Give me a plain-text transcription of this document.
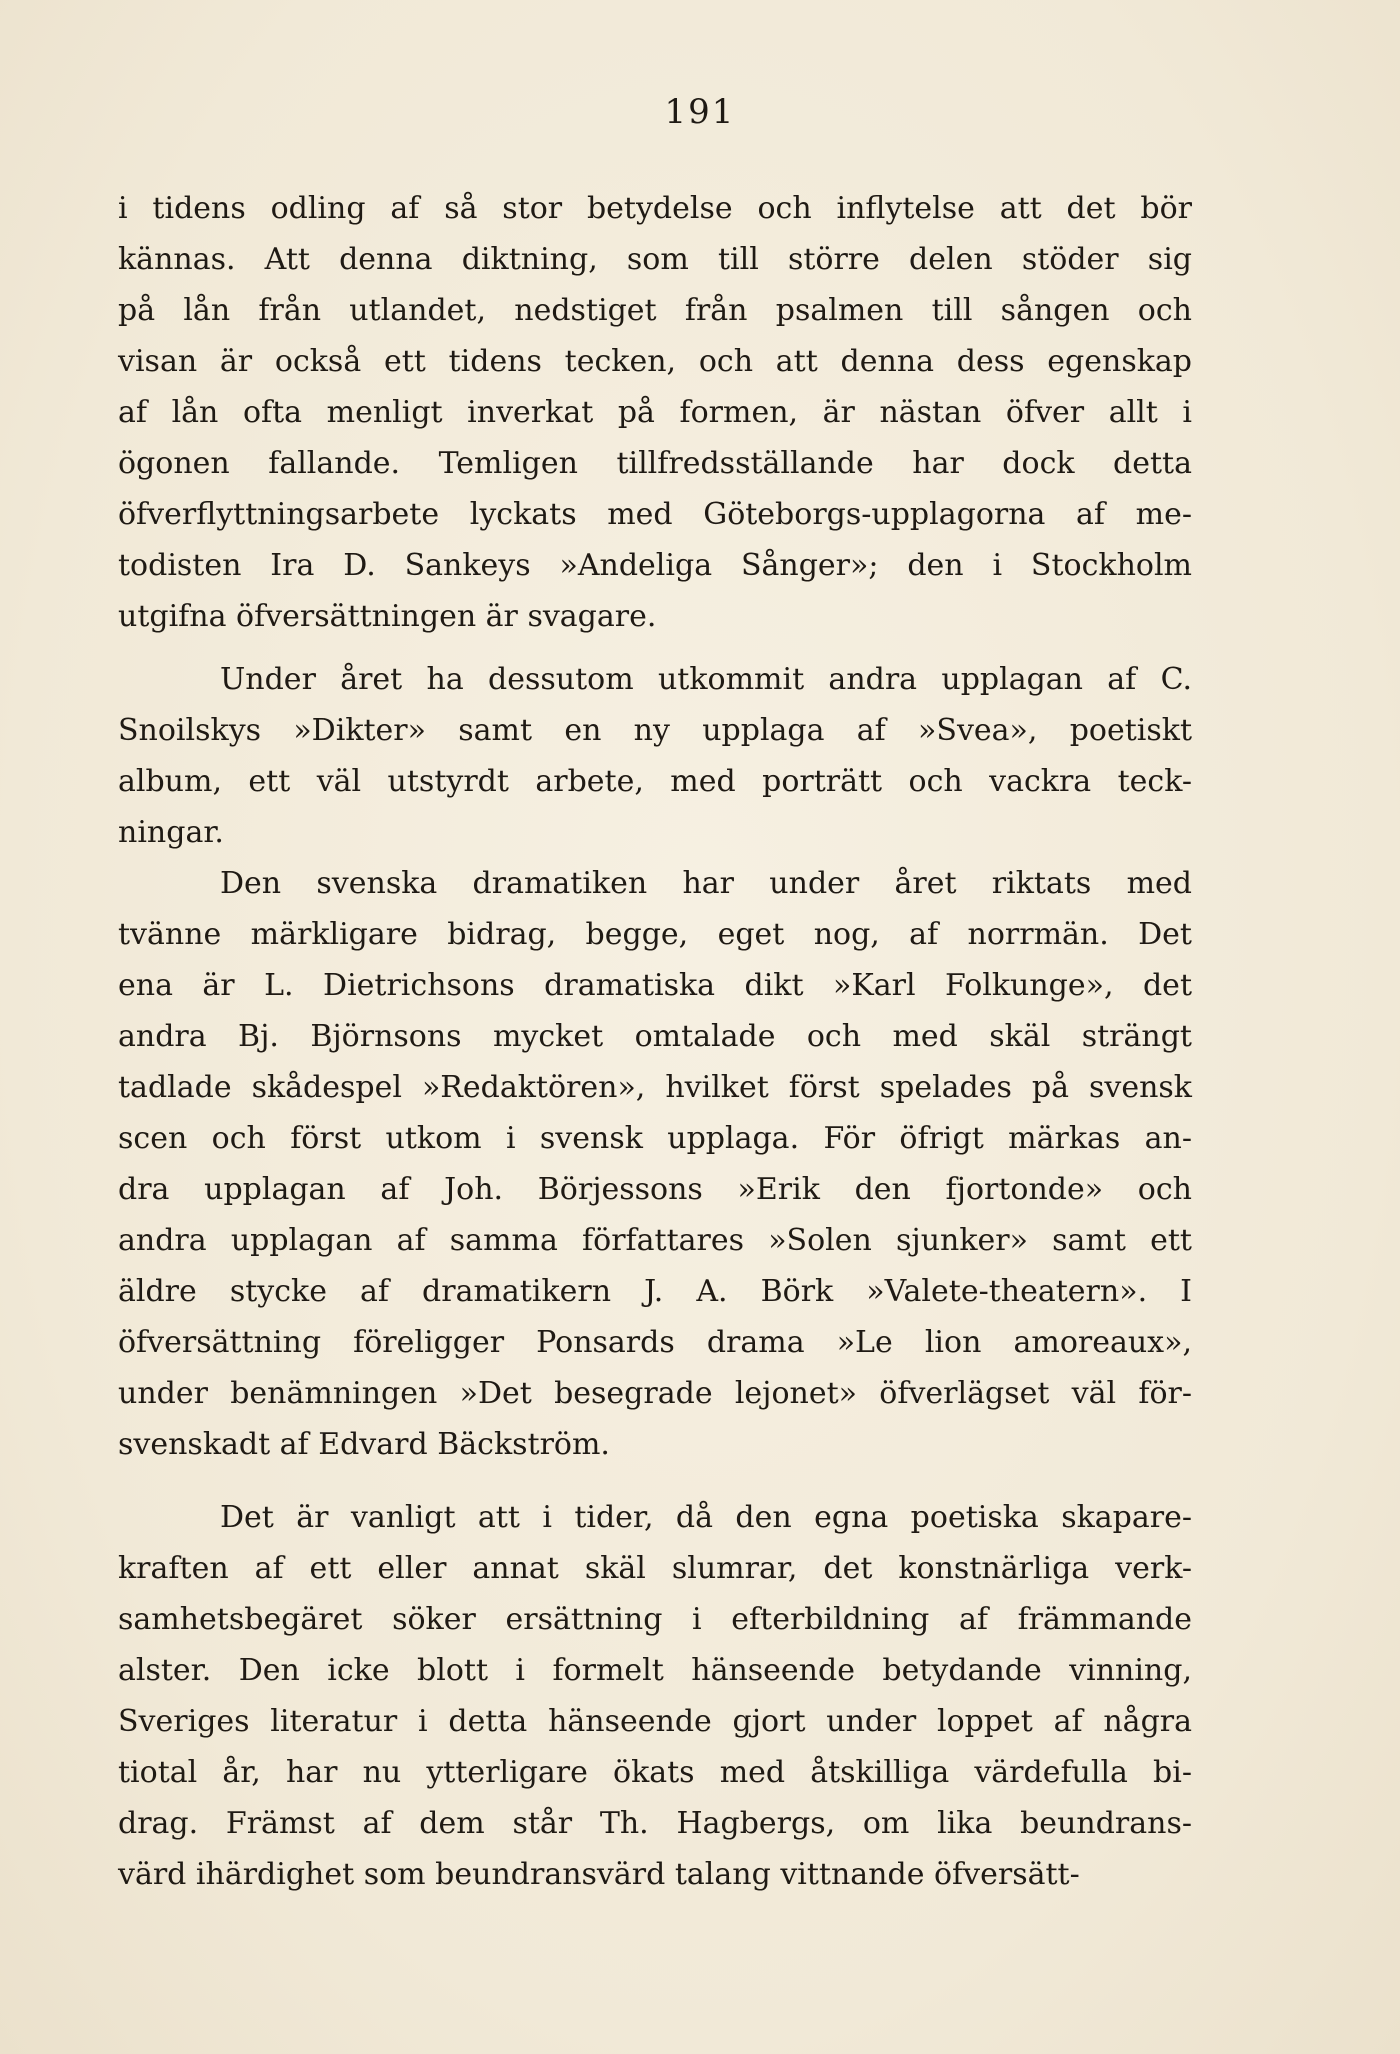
191
i tidens odling af så stor betydelse och inflytelse att det bör
kännas. Att denna diktning, som till större delen stöder sig
på lån från utlandet, nedstiget från psalmen till sången och
visan är också ett tidens tecken, och att denna dess egenskap
af lån ofta menligt inverkat på formen, är nästan öfver allt i
ögonen fallande. Temligen tillfredsställande har dock detta
öfverflyttningsarbete lyckats med Göteborgs-upplagorna af me-
todisten Ira D. Sankeys »Andeliga Sånger»; den i Stockholm
utgifna öfversättningen är svagare.
Under året ha dessutom utkommit andra upplagan af C.
Snoilskys »Dikter» samt en ny upplaga af »Svea», poetiskt
album, ett väl utstyrdt arbete, med porträtt och vackra teck-
ningar.
Den svenska dramatiken har under året riktats med
tvänne märkligare bidrag, begge, eget nog, af norrmän. Det
ena är L. Dietrichsons dramatiska dikt »Karl Folkunge», det
andra Bj. Björnsons mycket omtalade och med skäl strängt
tadlade skådespel »Redaktören», hvilket först spelades på svensk
scen och först utkom i svensk upplaga. För öfrigt märkas an-
dra upplagan af Joh. Börjessons »Erik den fjortonde» och
andra upplagan af samma författares »Solen sjunker» samt ett
äldre stycke af dramatikern J. A. Börk »Valete-theatern». I
öfversättning föreligger Ponsards drama »Le lion amoreaux»,
under benämningen »Det besegrade lejonet» öfverlägset väl för-
svenskadt af Edvard Bäckström.
Det är vanligt att i tider, då den egna poetiska skapare-
kraften af ett eller annat skäl slumrar, det konstnärliga verk-
samhetsbegäret söker ersättning i efterbildning af främmande
alster. Den icke blott i formelt hänseende betydande vinning,
Sveriges literatur i detta hänseende gjort under loppet af några
tiotal år, har nu ytterligare ökats med åtskilliga värdefulla bi-
drag. Främst af dem står Th. Hagbergs, om lika beundrans-
värd ihärdighet som beundransvärd talang vittnande öfversätt-
